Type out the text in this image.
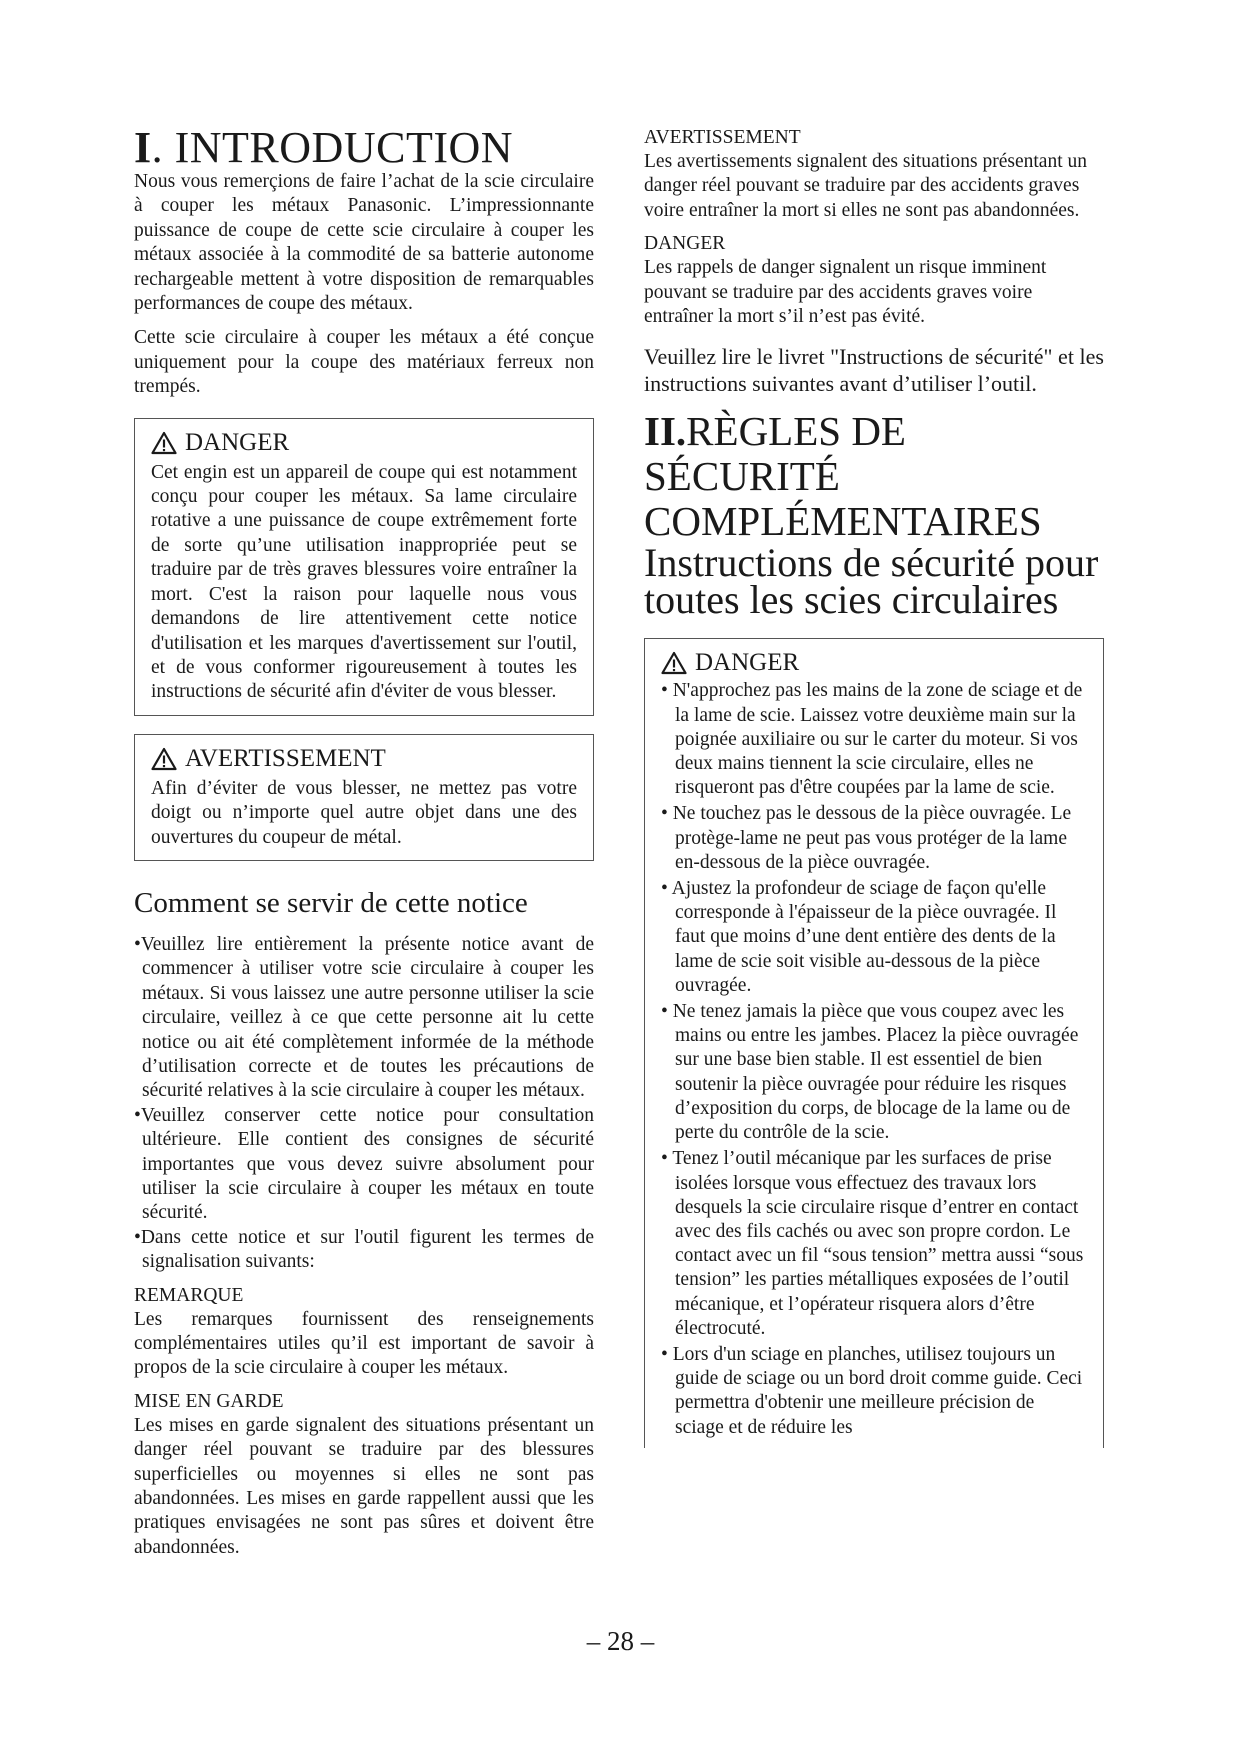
I. INTRODUCTION

Nous vous remerçions de faire l’achat de la scie circulaire à couper les métaux Panasonic. L’impressionnante puissance de coupe de cette scie circulaire à couper les métaux associée à la commodité de sa batterie autonome rechargeable mettent à votre disposition de remarquables performances de coupe des métaux.

Cette scie circulaire à couper les métaux a été conçue uniquement pour la coupe des matériaux ferreux non trempés.

DANGER

Cet engin est un appareil de coupe qui est notamment conçu pour couper les métaux. Sa lame circulaire rotative a une puissance de coupe extrêmement forte de sorte qu’une utilisation inappropriée peut se traduire par de très graves blessures voire entraîner la mort. C'est la raison pour laquelle nous vous demandons de lire attentivement cette notice d'utilisation et les marques d'avertissement sur l'outil, et de vous conformer rigoureusement à toutes les instructions de sécurité afin d'éviter de vous blesser.

AVERTISSEMENT

Afin d’éviter de vous blesser, ne mettez pas votre doigt ou n’importe quel autre objet dans une des ouvertures du coupeur de métal.

Comment se servir de cette notice

•Veuillez lire entièrement la présente notice avant de commencer à utiliser votre scie circulaire à couper les métaux. Si vous laissez une autre personne utiliser la scie circulaire, veillez à ce que cette personne ait lu cette notice ou ait été complètement informée de la méthode d’utilisation correcte et de toutes les précautions de sécurité relatives à la scie circulaire à couper les métaux.

•Veuillez conserver cette notice pour consultation ultérieure. Elle contient des consignes de sécurité importantes que vous devez suivre absolument pour utiliser la scie circulaire à couper les métaux en toute sécurité.

•Dans cette notice et sur l'outil figurent les termes de signalisation suivants:

REMARQUE

Les remarques fournissent des renseignements complémentaires utiles qu’il est important de savoir à propos de la scie circulaire à couper les métaux.

MISE EN GARDE

Les mises en garde signalent des situations présentant un danger réel pouvant se traduire par des blessures superficielles ou moyennes si elles ne sont pas abandonnées. Les mises en garde rappellent aussi que les pratiques envisagées ne sont pas sûres et doivent être abandonnées.

AVERTISSEMENT

Les avertissements signalent des situations présentant un danger réel pouvant se traduire par des accidents graves voire entraîner la mort si elles ne sont pas abandonnées.

DANGER

Les rappels de danger signalent un risque imminent pouvant se traduire par des accidents graves voire entraîner la mort s’il n’est pas évité.

Veuillez lire le livret "Instructions de sécurité" et les instructions suivantes avant d’utiliser l’outil.

II.RÈGLES DE SÉCURITÉ
COMPLÉMENTAIRES
Instructions de sécurité pour toutes les scies circulaires
DANGER

• N'approchez pas les mains de la zone de sciage et de la lame de scie. Laissez votre deuxième main sur la poignée auxiliaire ou sur le carter du moteur. Si vos deux mains tiennent la scie circulaire, elles ne risqueront pas d'être coupées par la lame de scie.

• Ne touchez pas le dessous de la pièce ouvragée. Le protège-lame ne peut pas vous protéger de la lame en-dessous de la pièce ouvragée.

• Ajustez la profondeur de sciage de façon qu'elle corresponde à l'épaisseur de la pièce ouvragée. Il faut que moins d’une dent entière des dents de la lame de scie soit visible au-dessous de la pièce ouvragée.

• Ne tenez jamais la pièce que vous coupez avec les mains ou entre les jambes. Placez la pièce ouvragée sur une base bien stable. Il est essentiel de bien soutenir la pièce ouvragée pour réduire les risques d’exposition du corps, de blocage de la lame ou de perte du contrôle de la scie.

• Tenez l’outil mécanique par les surfaces de prise isolées lorsque vous effectuez des travaux lors desquels la scie circulaire risque d’entrer en contact avec des fils cachés ou avec son propre cordon. Le contact avec un fil “sous tension” mettra aussi “sous tension” les parties métalliques exposées de l’outil mécanique, et l’opérateur risquera alors d’être électrocuté.

• Lors d'un sciage en planches, utilisez toujours un guide de sciage ou un bord droit comme guide. Ceci permettra d'obtenir une meilleure précision de sciage et de réduire les

– 28 –
